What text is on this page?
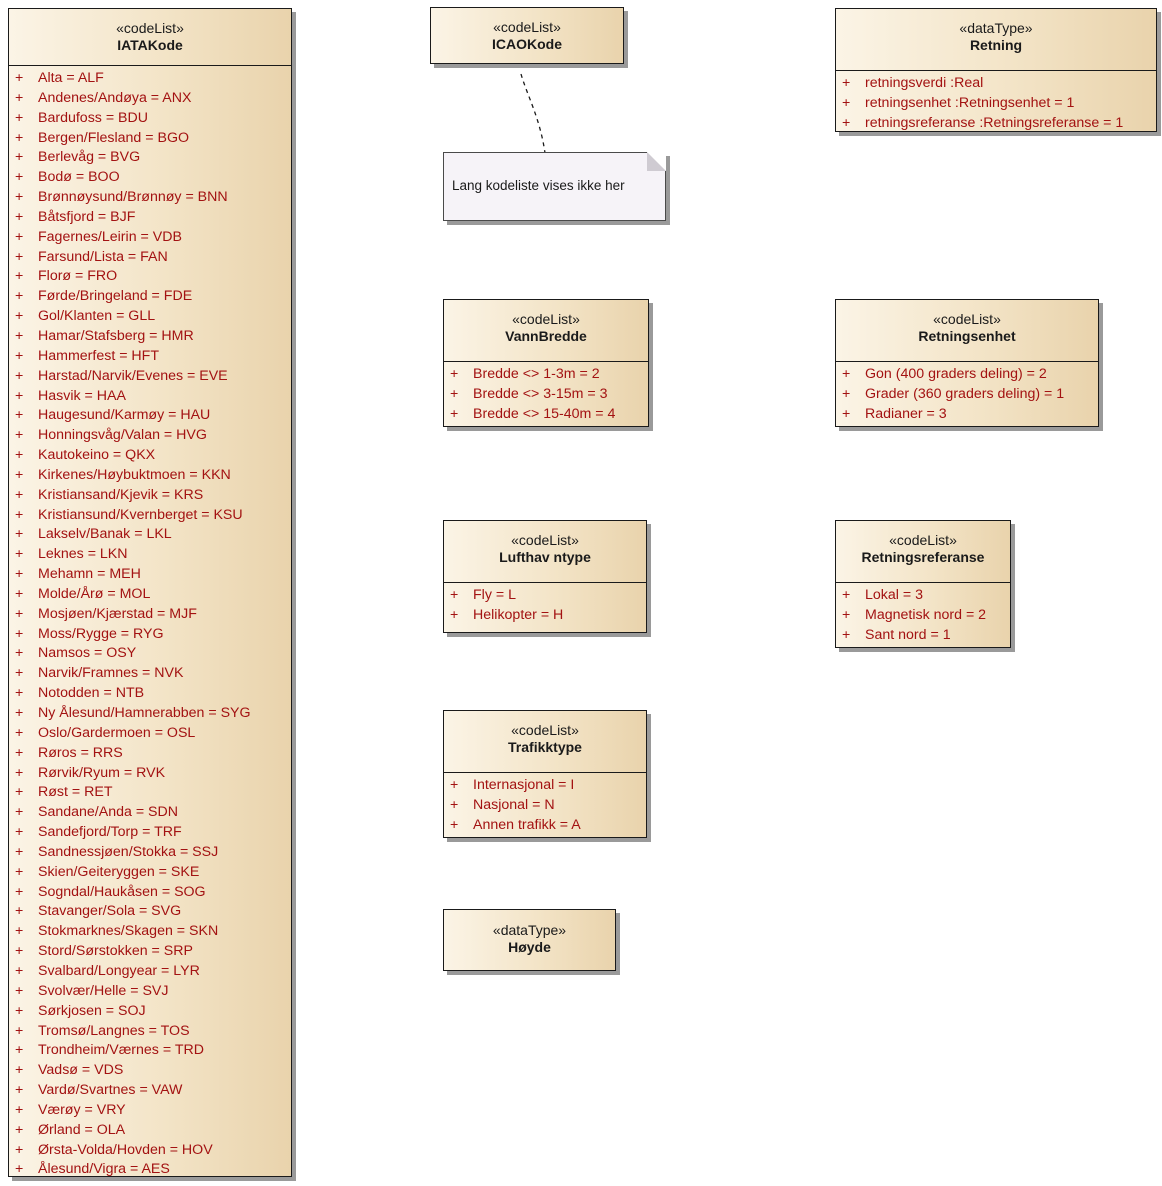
«codeList»
IATAKode
+ Alta = ALF
+ Andenes/Andøya = ANX
+ Bardufoss = BDU
+ Bergen/Flesland = BGO
+ Berlevåg = BVG
+ Bodø = BOO
+ Brønnøysund/Brønnøy = BNN
+ Båtsfjord = BJF
+ Fagernes/Leirin = VDB
+ Farsund/Lista = FAN
+ Florø = FRO
+ Førde/Bringeland = FDE
+ Gol/Klanten = GLL
+ Hamar/Stafsberg = HMR
+ Hammerfest = HFT
+ Harstad/Narvik/Evenes = EVE
+ Hasvik = HAA
+ Haugesund/Karmøy = HAU
+ Honningsvåg/Valan = HVG
+ Kautokeino = QKX
+ Kirkenes/Høybuktmoen = KKN
+ Kristiansand/Kjevik = KRS
+ Kristiansund/Kvernberget = KSU
+ Lakselv/Banak = LKL
+ Leknes = LKN
+ Mehamn = MEH
+ Molde/Årø = MOL
+ Mosjøen/Kjærstad = MJF
+ Moss/Rygge = RYG
+ Namsos = OSY
+ Narvik/Framnes = NVK
+ Notodden = NTB
+ Ny Ålesund/Hamnerabben = SYG
+ Oslo/Gardermoen = OSL
+ Røros = RRS
+ Rørvik/Ryum = RVK
+ Røst = RET
+ Sandane/Anda = SDN
+ Sandefjord/Torp = TRF
+ Sandnessjøen/Stokka = SSJ
+ Skien/Geiteryggen = SKE
+ Sogndal/Haukåsen = SOG
+ Stavanger/Sola = SVG
+ Stokmarknes/Skagen = SKN
+ Stord/Sørstokken = SRP
+ Svalbard/Longyear = LYR
+ Svolvær/Helle = SVJ
+ Sørkjosen = SOJ
+ Tromsø/Langnes = TOS
+ Trondheim/Værnes = TRD
+ Vadsø = VDS
+ Vardø/Svartnes = VAW
+ Værøy = VRY
+ Ørland = OLA
+ Ørsta-Volda/Hovden = HOV
+ Ålesund/Vigra = AES
«codeList»
ICAOKode
«dataType»
Retning
+ retningsverdi :Real
+ retningsenhet :Retningsenhet = 1
+ retningsreferanse :Retningsreferanse = 1
Lang kodeliste vises ikke her
«codeList»
VannBredde
+ Bredde <> 1-3m = 2
+ Bredde <> 3-15m = 3
+ Bredde <> 15-40m = 4
«codeList»
Retningsenhet
+ Gon (400 graders deling) = 2
+ Grader (360 graders deling) = 1
+ Radianer = 3
«codeList»
Lufthav ntype
+ Fly = L
+ Helikopter = H
«codeList»
Retningsreferanse
+ Lokal = 3
+ Magnetisk nord = 2
+ Sant nord = 1
«codeList»
Trafikktype
+ Internasjonal = I
+ Nasjonal = N
+ Annen trafikk = A
«dataType»
Høyde
